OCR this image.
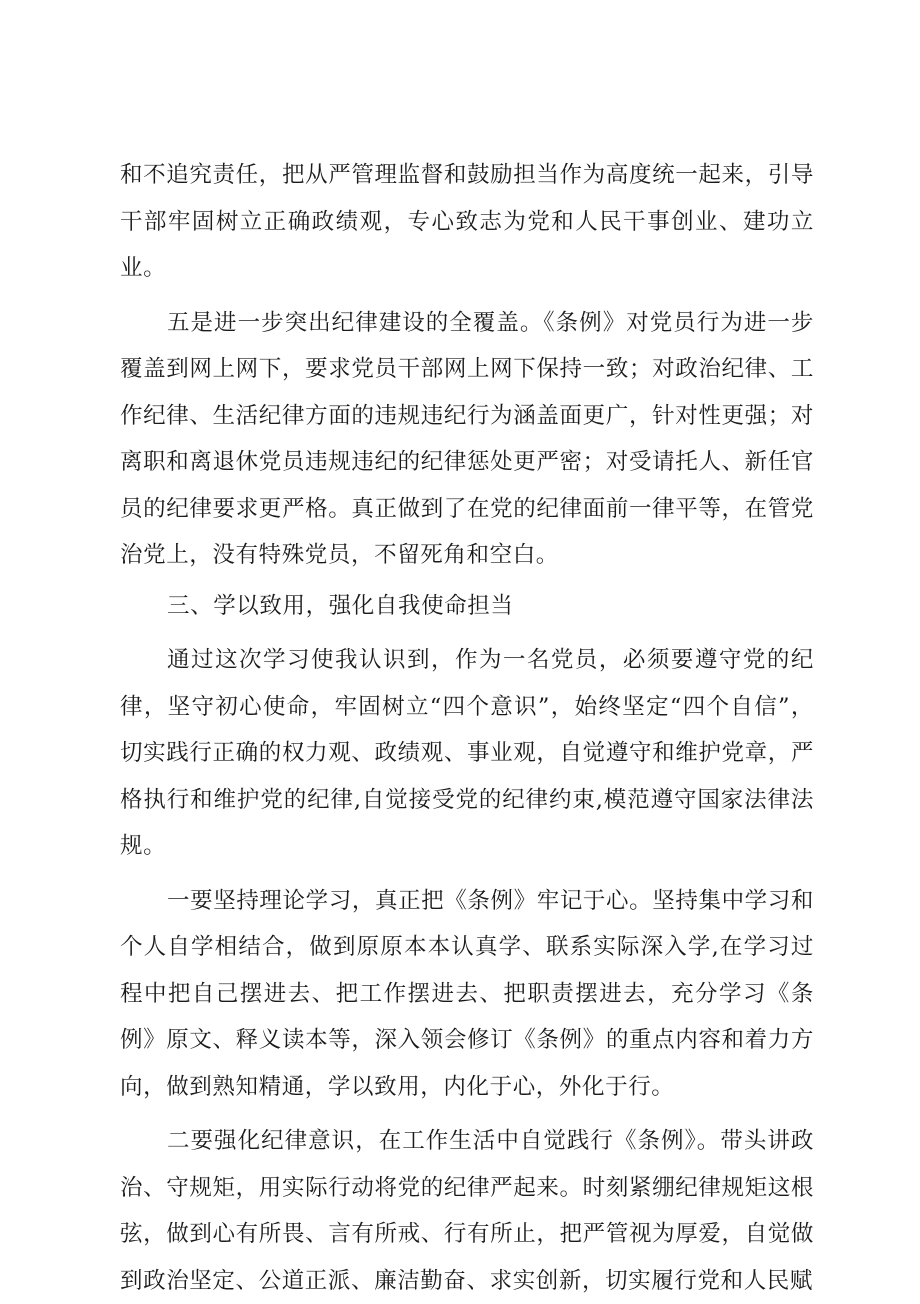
和不追究责任，把从严管理监督和鼓励担当作为高度统一起来，引导干部牢固树立正确政绩观，专心致志为党和人民干事创业、建功立业。

五是进一步突出纪律建设的全覆盖。《条例》对党员行为进一步覆盖到网上网下，要求党员干部网上网下保持一致；对政治纪律、工作纪律、生活纪律方面的违规违纪行为涵盖面更广，针对性更强；对离职和离退休党员违规违纪的纪律惩处更严密；对受请托人、新任官员的纪律要求更严格。真正做到了在党的纪律面前一律平等，在管党治党上，没有特殊党员，不留死角和空白。

三、学以致用，强化自我使命担当

通过这次学习使我认识到，作为一名党员，必须要遵守党的纪律，坚守初心使命，牢固树立“四个意识”，始终坚定“四个自信”，切实践行正确的权力观、政绩观、事业观，自觉遵守和维护党章，严格执行和维护党的纪律,自觉接受党的纪律约束,模范遵守国家法律法规。

一要坚持理论学习，真正把《条例》牢记于心。坚持集中学习和个人自学相结合，做到原原本本认真学、联系实际深入学,在学习过程中把自己摆进去、把工作摆进去、把职责摆进去，充分学习《条例》原文、释义读本等，深入领会修订《条例》的重点内容和着力方向，做到熟知精通，学以致用，内化于心，外化于行。

二要强化纪律意识，在工作生活中自觉践行《条例》。带头讲政治、守规矩，用实际行动将党的纪律严起来。时刻紧绷纪律规矩这根弦，做到心有所畏、言有所戒、行有所止，把严管视为厚爱，自觉做到政治坚定、公道正派、廉洁勤奋、求实创新，切实履行党和人民赋
